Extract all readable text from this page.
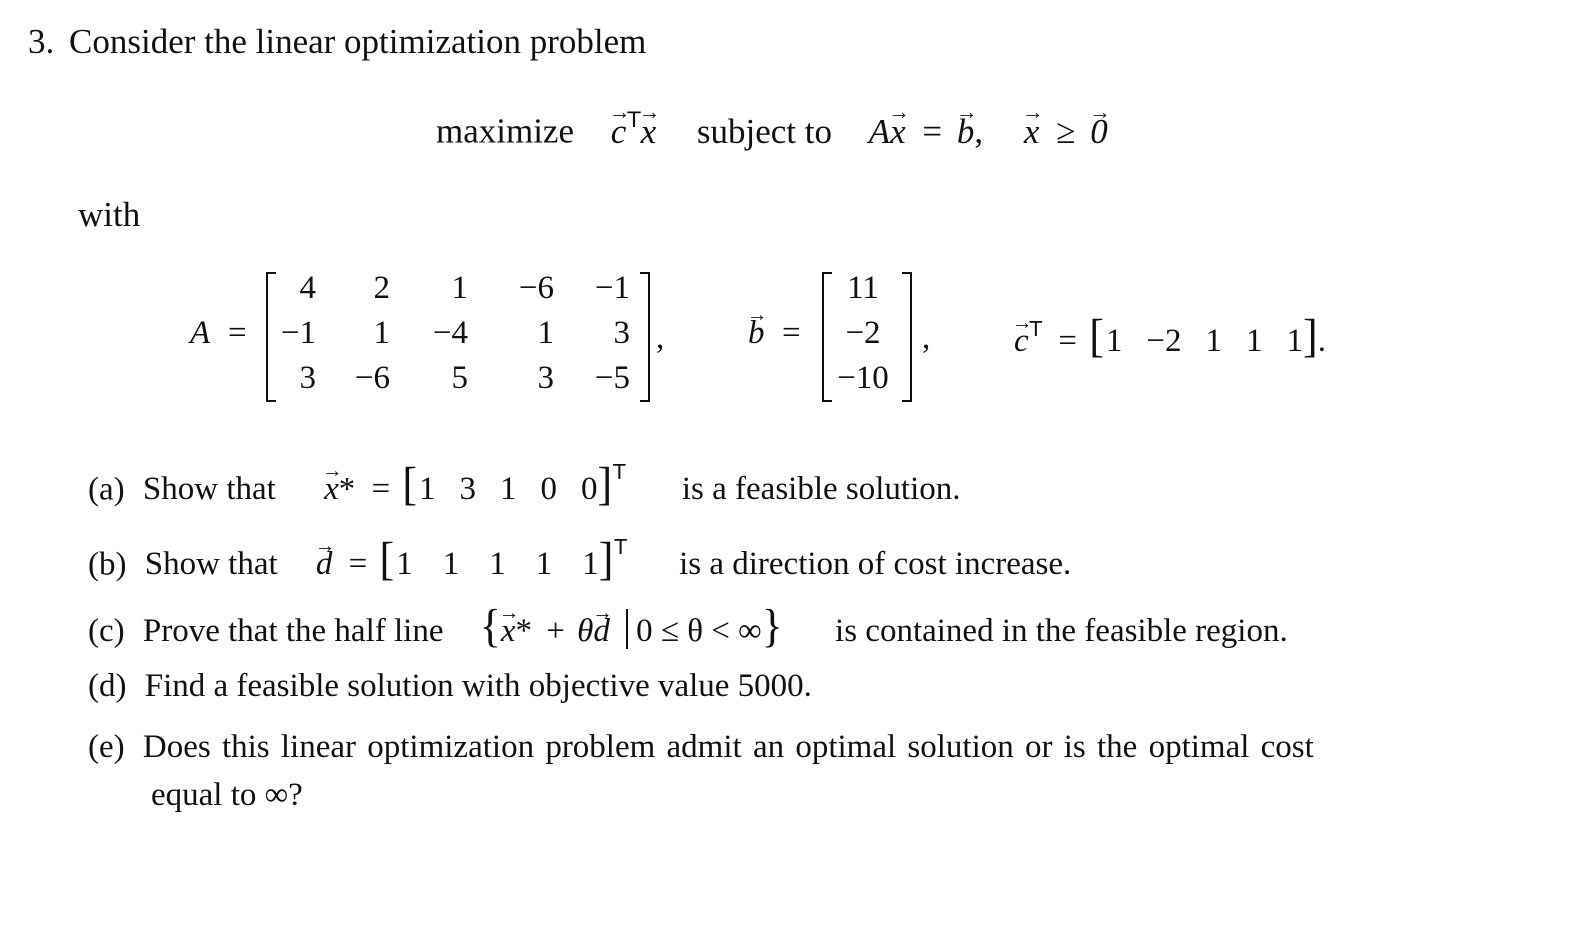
3. Consider the linear optimization problem
maximize → $c^T\to x$ subject to A→ x = → b, → x ≥ → 0
with
A =
4	2	1	−6	−1
−1	1	−4	1	3
3	−6	5	3	−5
,	→ b =
11
−2
−10
,	→ $c^T = [1 -2$ 1 1 1].
(a) Show that → x* = [1 3 1 0 0]$^T$ is a feasible solution.
(b) Show that → d = [1 1 1 1 1]$^T$ is a direction of cost increase.
(c) Prove that the half line {→ x* + θ→ d 0 ≤ θ < ∞} is contained in the feasible region.
(d) Find a feasible solution with objective value 5000.
(e) Does this linear optimization problem admit an optimal solution or is the optimal cost
equal to ∞?
